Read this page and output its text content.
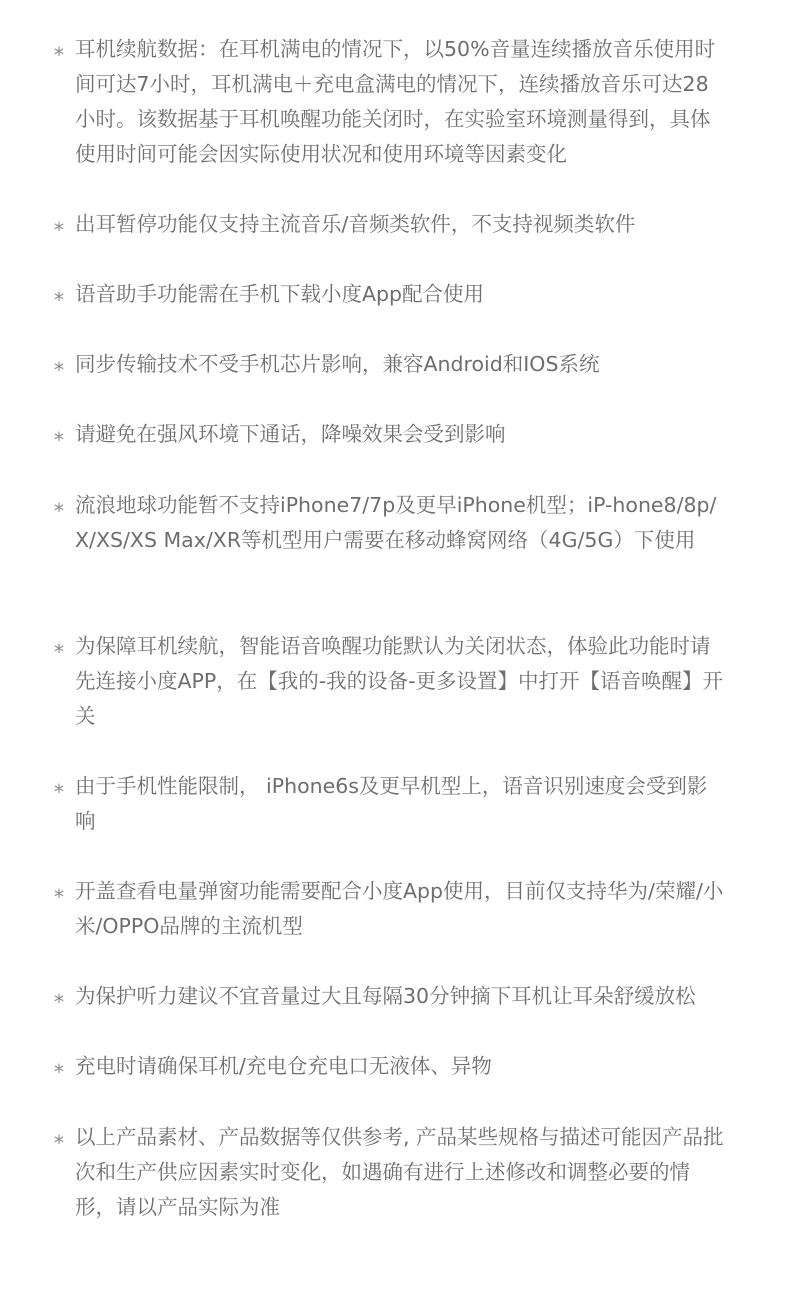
* 耳机续航数据：在耳机满电的情况下，以50%音量连续播放音乐使用时间可达7小时，耳机满电＋充电盒满电的情况下，连续播放音乐可达28小时。该数据基于耳机唤醒功能关闭时，在实验室环境测量得到，具体使用时间可能会因实际使用状况和使用环境等因素变化
* 出耳暂停功能仅支持主流音乐/音频类软件，不支持视频类软件
* 语音助手功能需在手机下载小度App配合使用
* 同步传输技术不受手机芯片影响，兼容Android和IOS系统
* 请避免在强风环境下通话，降噪效果会受到影响
* 流浪地球功能暂不支持iPhone7/7p及更早iPhone机型；iP-hone8/8p/X/XS/XS Max/XR等机型用户需要在移动蜂窝网络（4G/5G）下使用
* 为保障耳机续航，智能语音唤醒功能默认为关闭状态，体验此功能时请先连接小度APP，在【我的-我的设备-更多设置】中打开【语音唤醒】开关
* 由于手机性能限制， iPhone6s及更早机型上，语音识别速度会受到影响
* 开盖查看电量弹窗功能需要配合小度App使用，目前仅支持华为/荣耀/小米/OPPO品牌的主流机型
* 为保护听力建议不宜音量过大且每隔30分钟摘下耳机让耳朵舒缓放松
* 充电时请确保耳机/充电仓充电口无液体、异物
* 以上产品素材、产品数据等仅供参考, 产品某些规格与描述可能因产品批次和生产供应因素实时变化，如遇确有进行上述修改和调整必要的情形，请以产品实际为准
